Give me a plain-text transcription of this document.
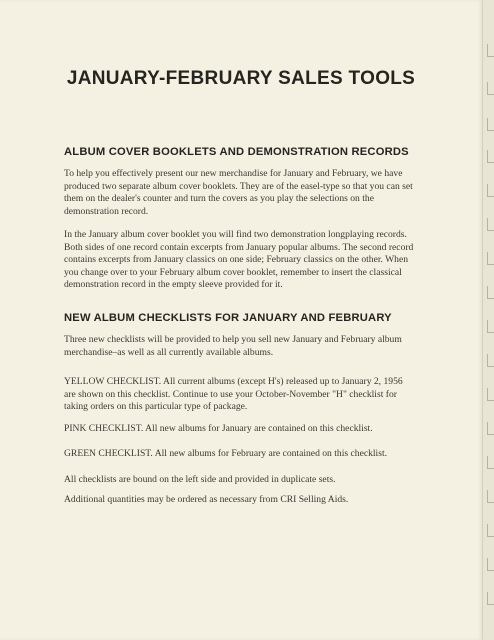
JANUARY-FEBRUARY SALES TOOLS
ALBUM COVER BOOKLETS AND DEMONSTRATION RECORDS

To help you effectively present our new merchandise for January and February, we have produced two separate album cover booklets. They are of the easel-type so that you can set them on the dealer's counter and turn the covers as you play the selections on the demonstration record.

In the January album cover booklet you will find two demonstration longplaying records. Both sides of one record contain excerpts from January popular albums. The second record contains excerpts from January classics on one side; February classics on the other. When you change over to your February album cover booklet, remember to insert the classical demonstration record in the empty sleeve provided for it.

NEW ALBUM CHECKLISTS FOR JANUARY AND FEBRUARY

Three new checklists will be provided to help you sell new January and February album merchandise–as well as all currently available albums.

YELLOW CHECKLIST. All current albums (except H's) released up to January 2, 1956 are shown on this checklist. Continue to use your October-November "H" checklist for taking orders on this particular type of package.

PINK CHECKLIST. All new albums for January are contained on this checklist.

GREEN CHECKLIST. All new albums for February are contained on this checklist.

All checklists are bound on the left side and provided in duplicate sets.

Additional quantities may be ordered as necessary from CRI Selling Aids.
